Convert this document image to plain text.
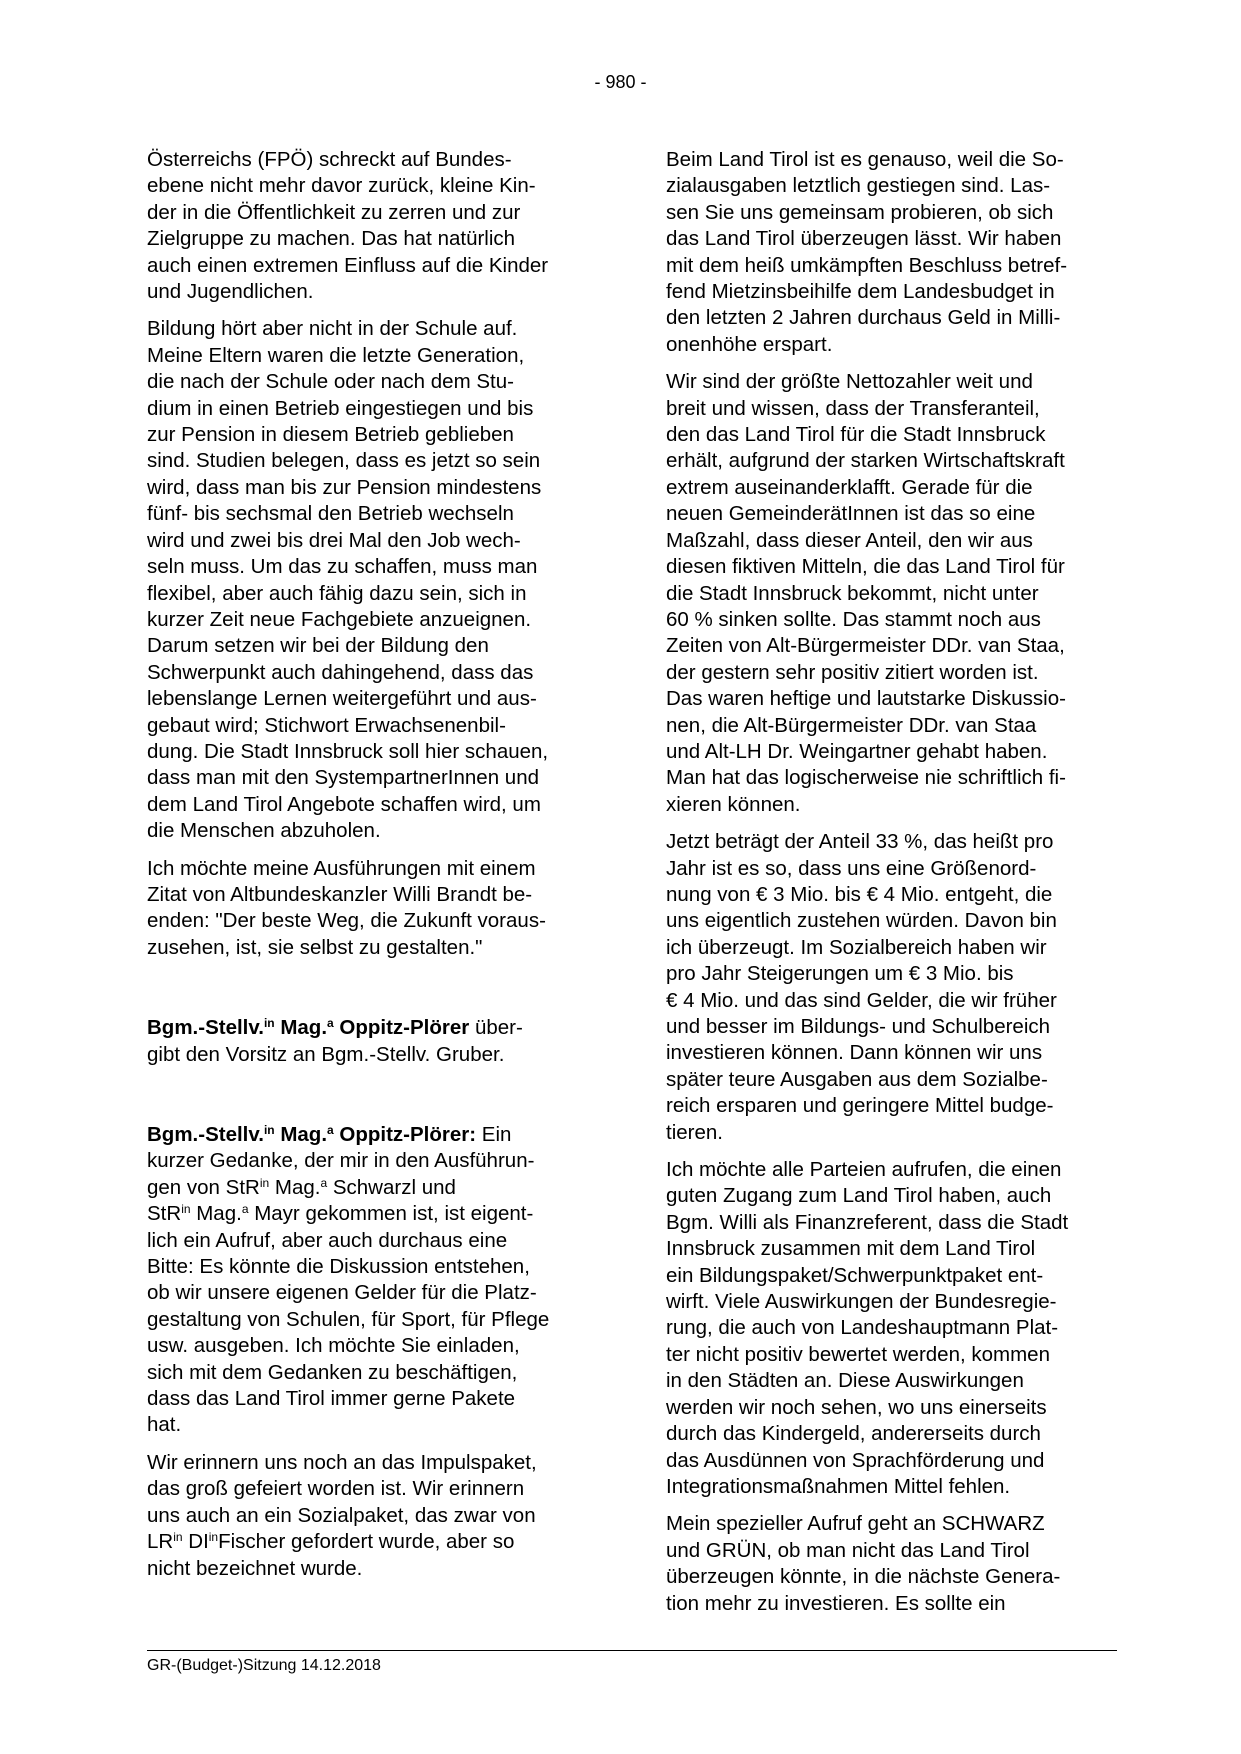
- 980 -

Österreichs (FPÖ) schreckt auf Bundes-
ebene nicht mehr davor zurück, kleine Kin-
der in die Öffentlichkeit zu zerren und zur
Zielgruppe zu machen. Das hat natürlich
auch einen extremen Einfluss auf die Kinder
und Jugendlichen.

Bildung hört aber nicht in der Schule auf.
Meine Eltern waren die letzte Generation,
die nach der Schule oder nach dem Stu-
dium in einen Betrieb eingestiegen und bis
zur Pension in diesem Betrieb geblieben
sind. Studien belegen, dass es jetzt so sein
wird, dass man bis zur Pension mindestens
fünf- bis sechsmal den Betrieb wechseln
wird und zwei bis drei Mal den Job wech-
seln muss. Um das zu schaffen, muss man
flexibel, aber auch fähig dazu sein, sich in
kurzer Zeit neue Fachgebiete anzueignen.
Darum setzen wir bei der Bildung den
Schwerpunkt auch dahingehend, dass das
lebenslange Lernen weitergeführt und aus-
gebaut wird; Stichwort Erwachsenenbil-
dung. Die Stadt Innsbruck soll hier schauen,
dass man mit den SystempartnerInnen und
dem Land Tirol Angebote schaffen wird, um
die Menschen abzuholen.

Ich möchte meine Ausführungen mit einem
Zitat von Altbundeskanzler Willi Brandt be-
enden: "Der beste Weg, die Zukunft voraus-
zusehen, ist, sie selbst zu gestalten."

Bgm.-Stellv.$^{in}$ Mag.$^a$ Oppitz-Plörer über-
gibt den Vorsitz an Bgm.-Stellv. Gruber.

Bgm.-Stellv.$^{in}$ Mag.$^a$ Oppitz-Plörer: Ein
kurzer Gedanke, der mir in den Ausführun-
gen von StR$^{in}$ Mag.$^a$ Schwarzl und
StR$^{in}$ Mag.$^a$ Mayr gekommen ist, ist eigent-
lich ein Aufruf, aber auch durchaus eine
Bitte: Es könnte die Diskussion entstehen,
ob wir unsere eigenen Gelder für die Platz-
gestaltung von Schulen, für Sport, für Pflege
usw. ausgeben. Ich möchte Sie einladen,
sich mit dem Gedanken zu beschäftigen,
dass das Land Tirol immer gerne Pakete
hat.

Wir erinnern uns noch an das Impulspaket,
das groß gefeiert worden ist. Wir erinnern
uns auch an ein Sozialpaket, das zwar von
$LR^{in}$ $DI^{in}Fischer$ gefordert wurde, aber so
nicht bezeichnet wurde.

Beim Land Tirol ist es genauso, weil die So-
zialausgaben letztlich gestiegen sind. Las-
sen Sie uns gemeinsam probieren, ob sich
das Land Tirol überzeugen lässt. Wir haben
mit dem heiß umkämpften Beschluss betref-
fend Mietzinsbeihilfe dem Landesbudget in
den letzten 2 Jahren durchaus Geld in Milli-
onenhöhe erspart.

Wir sind der größte Nettozahler weit und
breit und wissen, dass der Transferanteil,
den das Land Tirol für die Stadt Innsbruck
erhält, aufgrund der starken Wirtschaftskraft
extrem auseinanderklafft. Gerade für die
neuen GemeinderätInnen ist das so eine
Maßzahl, dass dieser Anteil, den wir aus
diesen fiktiven Mitteln, die das Land Tirol für
die Stadt Innsbruck bekommt, nicht unter
60 % sinken sollte. Das stammt noch aus
Zeiten von Alt-Bürgermeister DDr. van Staa,
der gestern sehr positiv zitiert worden ist.
Das waren heftige und lautstarke Diskussio-
nen, die Alt-Bürgermeister DDr. van Staa
und Alt-LH Dr. Weingartner gehabt haben.
Man hat das logischerweise nie schriftlich fi-
xieren können.

Jetzt beträgt der Anteil 33 %, das heißt pro
Jahr ist es so, dass uns eine Größenord-
nung von € 3 Mio. bis € 4 Mio. entgeht, die
uns eigentlich zustehen würden. Davon bin
ich überzeugt. Im Sozialbereich haben wir
pro Jahr Steigerungen um € 3 Mio. bis
€ 4 Mio. und das sind Gelder, die wir früher
und besser im Bildungs- und Schulbereich
investieren können. Dann können wir uns
später teure Ausgaben aus dem Sozialbe-
reich ersparen und geringere Mittel budge-
tieren.

Ich möchte alle Parteien aufrufen, die einen
guten Zugang zum Land Tirol haben, auch
Bgm. Willi als Finanzreferent, dass die Stadt
Innsbruck zusammen mit dem Land Tirol
ein Bildungspaket/Schwerpunktpaket ent-
wirft. Viele Auswirkungen der Bundesregie-
rung, die auch von Landeshauptmann Plat-
ter nicht positiv bewertet werden, kommen
in den Städten an. Diese Auswirkungen
werden wir noch sehen, wo uns einerseits
durch das Kindergeld, andererseits durch
das Ausdünnen von Sprachförderung und
Integrationsmaßnahmen Mittel fehlen.

Mein spezieller Aufruf geht an SCHWARZ
und GRÜN, ob man nicht das Land Tirol
überzeugen könnte, in die nächste Genera-
tion mehr zu investieren. Es sollte ein

GR-(Budget-)Sitzung 14.12.2018
